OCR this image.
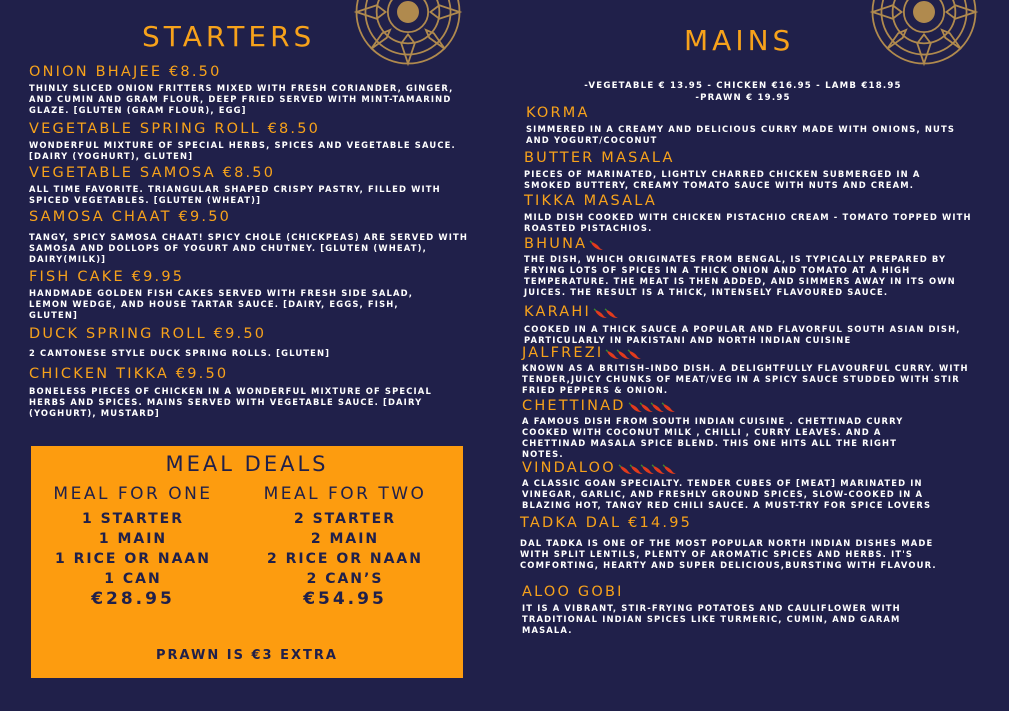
STARTERS
ONION BHAJEE €8.50
THINLY SLICED ONION FRITTERS MIXED WITH FRESH CORIANDER, GINGER, AND CUMIN AND GRAM FLOUR, DEEP FRIED SERVED WITH MINT-TAMARIND GLAZE. [GLUTEN (GRAM FLOUR), EGG]
VEGETABLE SPRING ROLL €8.50
WONDERFUL MIXTURE OF SPECIAL HERBS, SPICES AND VEGETABLE SAUCE.[DAIRY (YOGHURT), GLUTEN]
VEGETABLE SAMOSA €8.50
ALL TIME FAVORITE. TRIANGULAR SHAPED CRISPY PASTRY, FILLED WITH SPICED VEGETABLES. [GLUTEN (WHEAT)]
SAMOSA CHAAT €9.50
TANGY, SPICY SAMOSA CHAAT! SPICY CHOLE (CHICKPEAS) ARE SERVED WITH SAMOSA AND DOLLOPS OF YOGURT AND CHUTNEY. [GLUTEN (WHEAT), DAIRY(MILK)]
FISH CAKE €9.95
HANDMADE GOLDEN FISH CAKES SERVED WITH FRESH SIDE SALAD, LEMON WEDGE, AND HOUSE TARTAR SAUCE. [DAIRY, EGGS, FISH, GLUTEN]
DUCK SPRING ROLL €9.50
2 CANTONESE STYLE DUCK SPRING ROLLS. [GLUTEN]
CHICKEN TIKKA €9.50
BONELESS PIECES OF CHICKEN IN A WONDERFUL MIXTURE OF SPECIAL HERBS AND SPICES. MAINS SERVED WITH VEGETABLE SAUCE. [DAIRY (YOGHURT), MUSTARD]
MEAL DEALS
MEAL FOR ONE
1 STARTER
1 MAIN
1 RICE OR NAAN
1 CAN
€28.95
MEAL FOR TWO
2 STARTER
2 MAIN
2 RICE OR NAAN
2 CAN’S
€54.95
PRAWN IS €3 EXTRA
MAINS
-VEGETABLE € 13.95 - CHICKEN €16.95 - LAMB €18.95
-PRAWN € 19.95
KORMA
SIMMERED IN A CREAMY AND DELICIOUS CURRY MADE WITH ONIONS, NUTS AND YOGURT/COCONUT
BUTTER MASALA
PIECES OF MARINATED, LIGHTLY CHARRED CHICKEN SUBMERGED IN A SMOKED BUTTERY, CREAMY TOMATO SAUCE WITH NUTS AND CREAM.
TIKKA MASALA
MILD DISH COOKED WITH CHICKEN PISTACHIO CREAM - TOMATO TOPPED WITH ROASTED PISTACHIOS.
BHUNA
THE DISH, WHICH ORIGINATES FROM BENGAL, IS TYPICALLY PREPARED BY FRYING LOTS OF SPICES IN A THICK ONION AND TOMATO AT A HIGH TEMPERATURE. THE MEAT IS THEN ADDED, AND SIMMERS AWAY IN ITS OWN JUICES. THE RESULT IS A THICK, INTENSELY FLAVOURED SAUCE.
KARAHI
COOKED IN A THICK SAUCE A POPULAR AND FLAVORFUL SOUTH ASIAN DISH, PARTICULARLY IN PAKISTANI AND NORTH INDIAN CUISINE
JALFREZI
KNOWN AS A BRITISH–INDO DISH. A DELIGHTFULLY FLAVOURFUL CURRY. WITH TENDER,JUICY CHUNKS OF MEAT/VEG IN A SPICY SAUCE STUDDED WITH STIR FRIED PEPPERS & ONION.
CHETTINAD
A FAMOUS DISH FROM SOUTH INDIAN CUISINE . CHETTINAD CURRY COOKED WITH COCONUT MILK , CHILLI , CURRY LEAVES. AND A CHETTINAD MASALA SPICE BLEND. THIS ONE HITS ALL THE RIGHT NOTES.
VINDALOO
A CLASSIC GOAN SPECIALTY. TENDER CUBES OF [MEAT] MARINATED IN VINEGAR, GARLIC, AND FRESHLY GROUND SPICES, SLOW-COOKED IN A BLAZING HOT, TANGY RED CHILI SAUCE. A MUST-TRY FOR SPICE LOVERS
TADKA DAL €14.95
DAL TADKA IS ONE OF THE MOST POPULAR NORTH INDIAN DISHES MADE WITH SPLIT LENTILS, PLENTY OF AROMATIC SPICES AND HERBS. IT'S COMFORTING, HEARTY AND SUPER DELICIOUS,BURSTING WITH FLAVOUR.
ALOO GOBI
IT IS A VIBRANT, STIR-FRYING POTATOES AND CAULIFLOWER WITH TRADITIONAL INDIAN SPICES LIKE TURMERIC, CUMIN, AND GARAM MASALA.
